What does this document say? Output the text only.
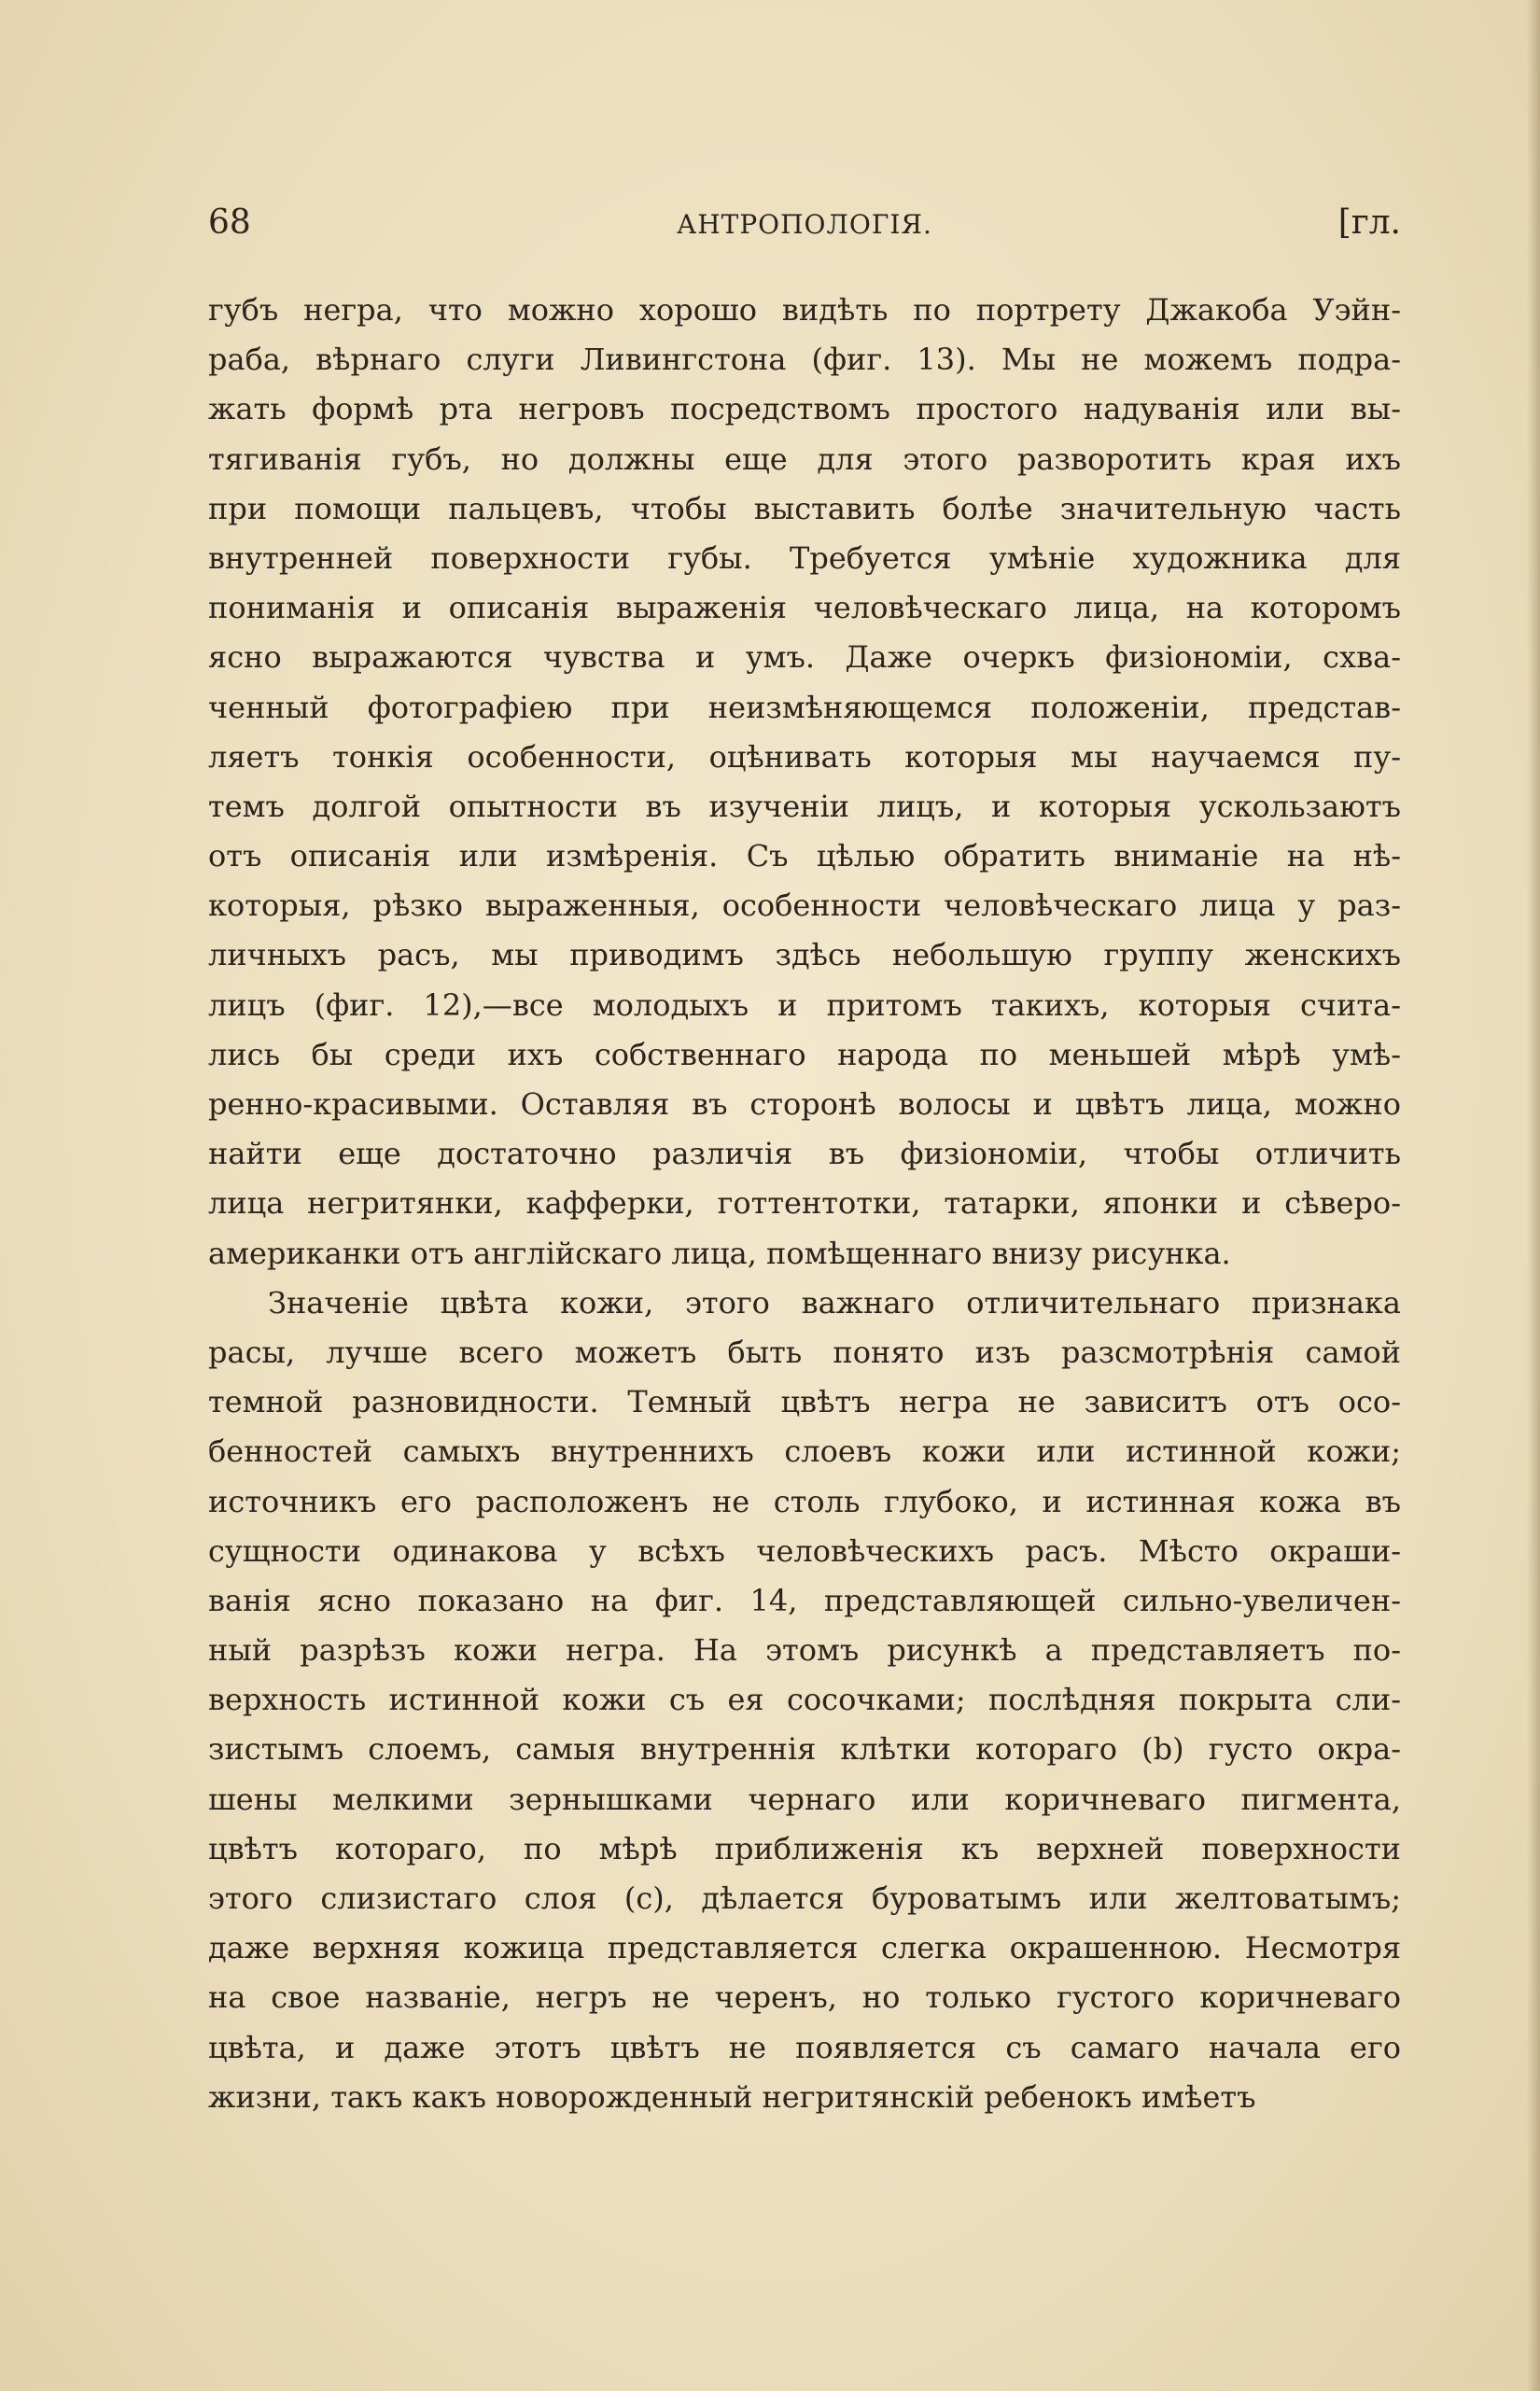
68	АНТРОПОЛОГІЯ.	[гл.
губъ негра, что можно хорошо видѣть по портрету Джакоба Уэйн-
раба, вѣрнаго слуги Ливингстона (фиг. 13). Мы не можемъ подра-
жать формѣ рта негровъ посредствомъ простого надуванія или вы-
тягиванія губъ, но должны еще для этого разворотить края ихъ
при помощи пальцевъ, чтобы выставить болѣе значительную часть
внутренней поверхности губы. Требуется умѣніе художника для
пониманія и описанія выраженія человѣческаго лица, на которомъ
ясно выражаются чувства и умъ. Даже очеркъ физіономіи, схва-
ченный фотографіею при неизмѣняющемся положеніи, представ-
ляетъ тонкія особенности, оцѣнивать которыя мы научаемся пу-
темъ долгой опытности въ изученіи лицъ, и которыя ускользаютъ
отъ описанія или измѣренія. Съ цѣлью обратить вниманіе на нѣ-
которыя, рѣзко выраженныя, особенности человѣческаго лица у раз-
личныхъ расъ, мы приводимъ здѣсь небольшую группу женскихъ
лицъ (фиг. 12),—все молодыхъ и притомъ такихъ, которыя счита-
лись бы среди ихъ собственнаго народа по меньшей мѣрѣ умѣ-
ренно-красивыми. Оставляя въ сторонѣ волосы и цвѣтъ лица, можно
найти еще достаточно различія въ физіономіи, чтобы отличить
лица негритянки, кафферки, готтентотки, татарки, японки и сѣверо-
американки отъ англійскаго лица, помѣщеннаго внизу рисунка.
Значеніе цвѣта кожи, этого важнаго отличительнаго признака
расы, лучше всего можетъ быть понято изъ разсмотрѣнія самой
темной разновидности. Темный цвѣтъ негра не зависитъ отъ осо-
бенностей самыхъ внутреннихъ слоевъ кожи или истинной кожи;
источникъ его расположенъ не столь глубоко, и истинная кожа въ
сущности одинакова у всѣхъ человѣческихъ расъ. Мѣсто окраши-
ванія ясно показано на фиг. 14, представляющей сильно-увеличен-
ный разрѣзъ кожи негра. На этомъ рисункѣ a представляетъ по-
верхность истинной кожи съ ея сосочками; послѣдняя покрыта сли-
зистымъ слоемъ, самыя внутреннія клѣтки котораго (b) густо окра-
шены мелкими зернышками чернаго или коричневаго пигмента,
цвѣтъ котораго, по мѣрѣ приближенія къ верхней поверхности
этого слизистаго слоя (c), дѣлается буроватымъ или желтоватымъ;
даже верхняя кожица представляется слегка окрашенною. Несмотря
на свое названіе, негръ не черенъ, но только густого коричневаго
цвѣта, и даже этотъ цвѣтъ не появляется съ самаго начала его
жизни, такъ какъ новорожденный негритянскій ребенокъ имѣетъ
